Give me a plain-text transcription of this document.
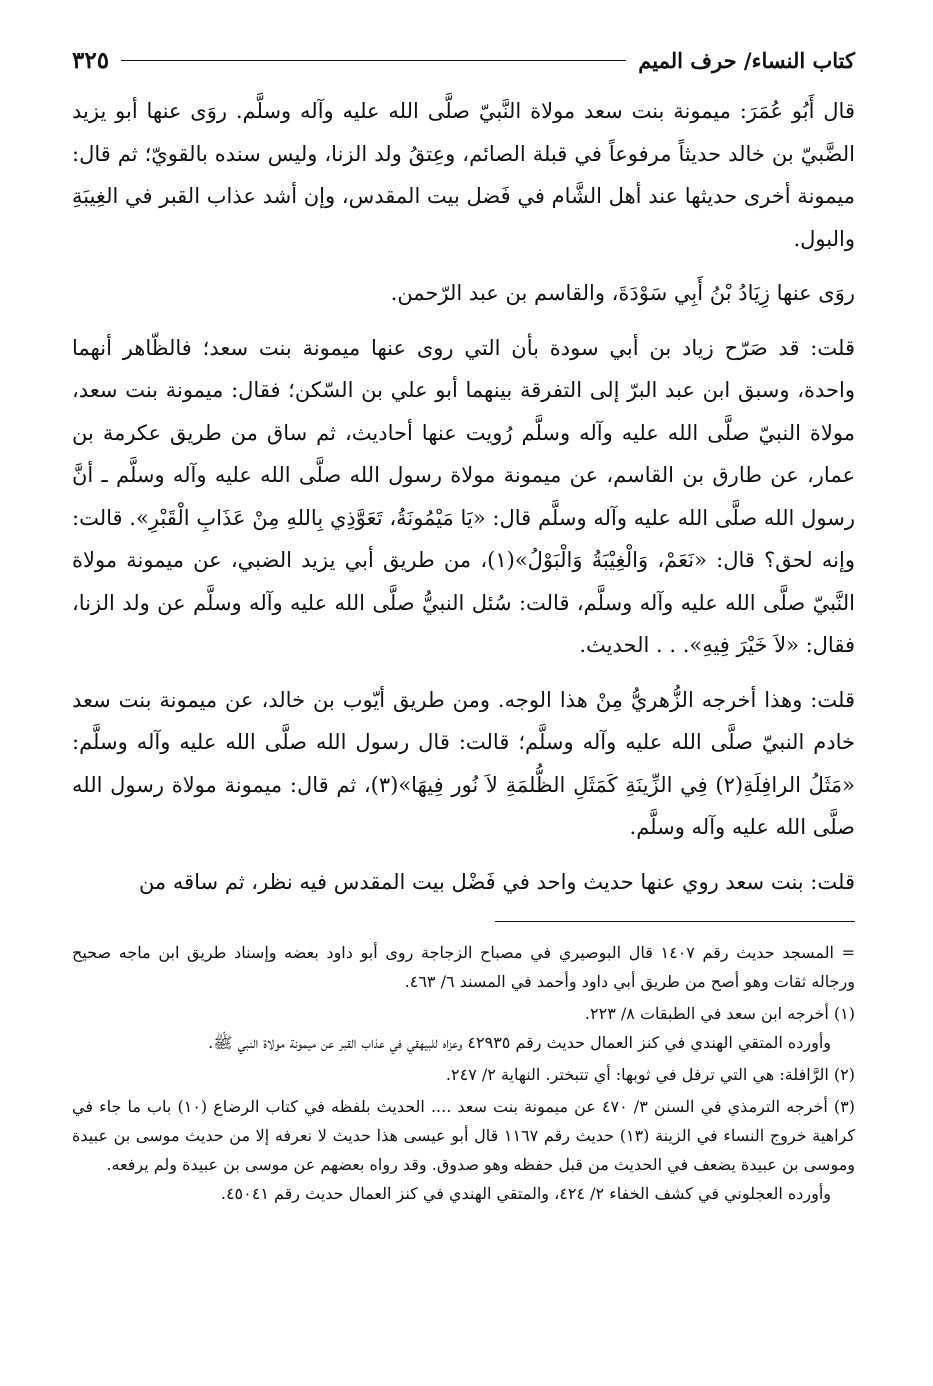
كتاب النساء/ حرف الميم
٣٢٥

قال أَبُو عُمَرَ: ميمونة بنت سعد مولاة النَّبيّ صلَّى الله عليه وآله وسلَّم. روَى عنها أبو يزيد الضَّبيّ بن خالد حديثاً مرفوعاً في قبلة الصائم، وعِتقُ ولد الزنا، وليس سنده بالقويّ؛ ثم قال: ميمونة أخرى حديثها عند أهل الشَّام في فَضل بيت المقدس، وإن أشد عذاب القبر في الغِيبَةِ والبول.

روَى عنها زِيَادُ بْنُ أَبِي سَوْدَةَ، والقاسم بن عبد الرّحمن.

قلت: قد صَرّح زياد بن أبي سودة بأن التي روى عنها ميمونة بنت سعد؛ فالظّاهر أنهما واحدة، وسبق ابن عبد البرّ إلى التفرقة بينهما أبو علي بن السّكن؛ فقال: ميمونة بنت سعد، مولاة النبيّ صلَّى الله عليه وآله وسلَّم رُويت عنها أحاديث، ثم ساق من طريق عكرمة بن عمار، عن طارق بن القاسم، عن ميمونة مولاة رسول الله صلَّى الله عليه وآله وسلَّم ـ أنَّ رسول الله صلَّى الله عليه وآله وسلَّم قال: «يَا مَيْمُونَةُ، تَعَوَّذِي بِاللهِ مِنْ عَذَابِ الْقَبْرِ». قالت: وإنه لحق؟ قال: «نَعَمْ، وَالْغِيْبَةُ وَالْبَوْلُ»(١)، من طريق أبي يزيد الضبي، عن ميمونة مولاة النَّبيّ صلَّى الله عليه وآله وسلَّم، قالت: سُئل النبيُّ صلَّى الله عليه وآله وسلَّم عن ولد الزنا، فقال: «لاَ خَيْرَ فِيهِ». . . الحديث.

قلت: وهذا أخرجه الزُّهريُّ مِنْ هذا الوجه. ومن طريق أيّوب بن خالد، عن ميمونة بنت سعد خادم النبيّ صلَّى الله عليه وآله وسلَّم؛ قالت: قال رسول الله صلَّى الله عليه وآله وسلَّم: «مَثَلُ الرافِلَةِ(٢) فِي الزِّينَةِ كَمَثَلِ الظُّلمَةِ لاَ نُور فِيهَا»(٣)، ثم قال: ميمونة مولاة رسول الله صلَّى الله عليه وآله وسلَّم.

قلت: بنت سعد روي عنها حديث واحد في فَضْل بيت المقدس فيه نظر، ثم ساقه من

= المسجد حديث رقم ١٤٠٧ قال البوصيري في مصباح الزجاجة روى أبو داود بعضه وإسناد طريق ابن ماجه صحيح ورجاله ثقات وهو أصح من طريق أبي داود وأحمد في المسند ٦/ ٤٦٣.
(١) أخرجه ابن سعد في الطبقات ٨/ ٢٢٣.
وأورده المتقي الهندي في كنز العمال حديث رقم ٤٢٩٣٥ وعزاه للبيهقي في عذاب القبر عن ميمونة مولاة النبي ﷺ.
(٢) الرَّافلة: هي التي ترفل في ثوبها: أي تتبختر. النهاية ٢/ ٢٤٧.
(٣) أخرجه الترمذي في السنن ٣/ ٤٧٠ عن ميمونة بنت سعد .... الحديث بلفظه في كتاب الرضاع (١٠) باب ما جاء في كراهية خروج النساء في الزينة (١٣) حديث رقم ١١٦٧ قال أبو عيسى هذا حديث لا نعرفه إلا من حديث موسى بن عبيدة وموسى بن عبيدة يضعف في الحديث من قبل حفظه وهو صدوق. وقد رواه بعضهم عن موسى بن عبيدة ولم يرفعه.
وأورده العجلوني في كشف الخفاء ٢/ ٤٢٤، والمتقي الهندي في كنز العمال حديث رقم ٤٥٠٤١.
